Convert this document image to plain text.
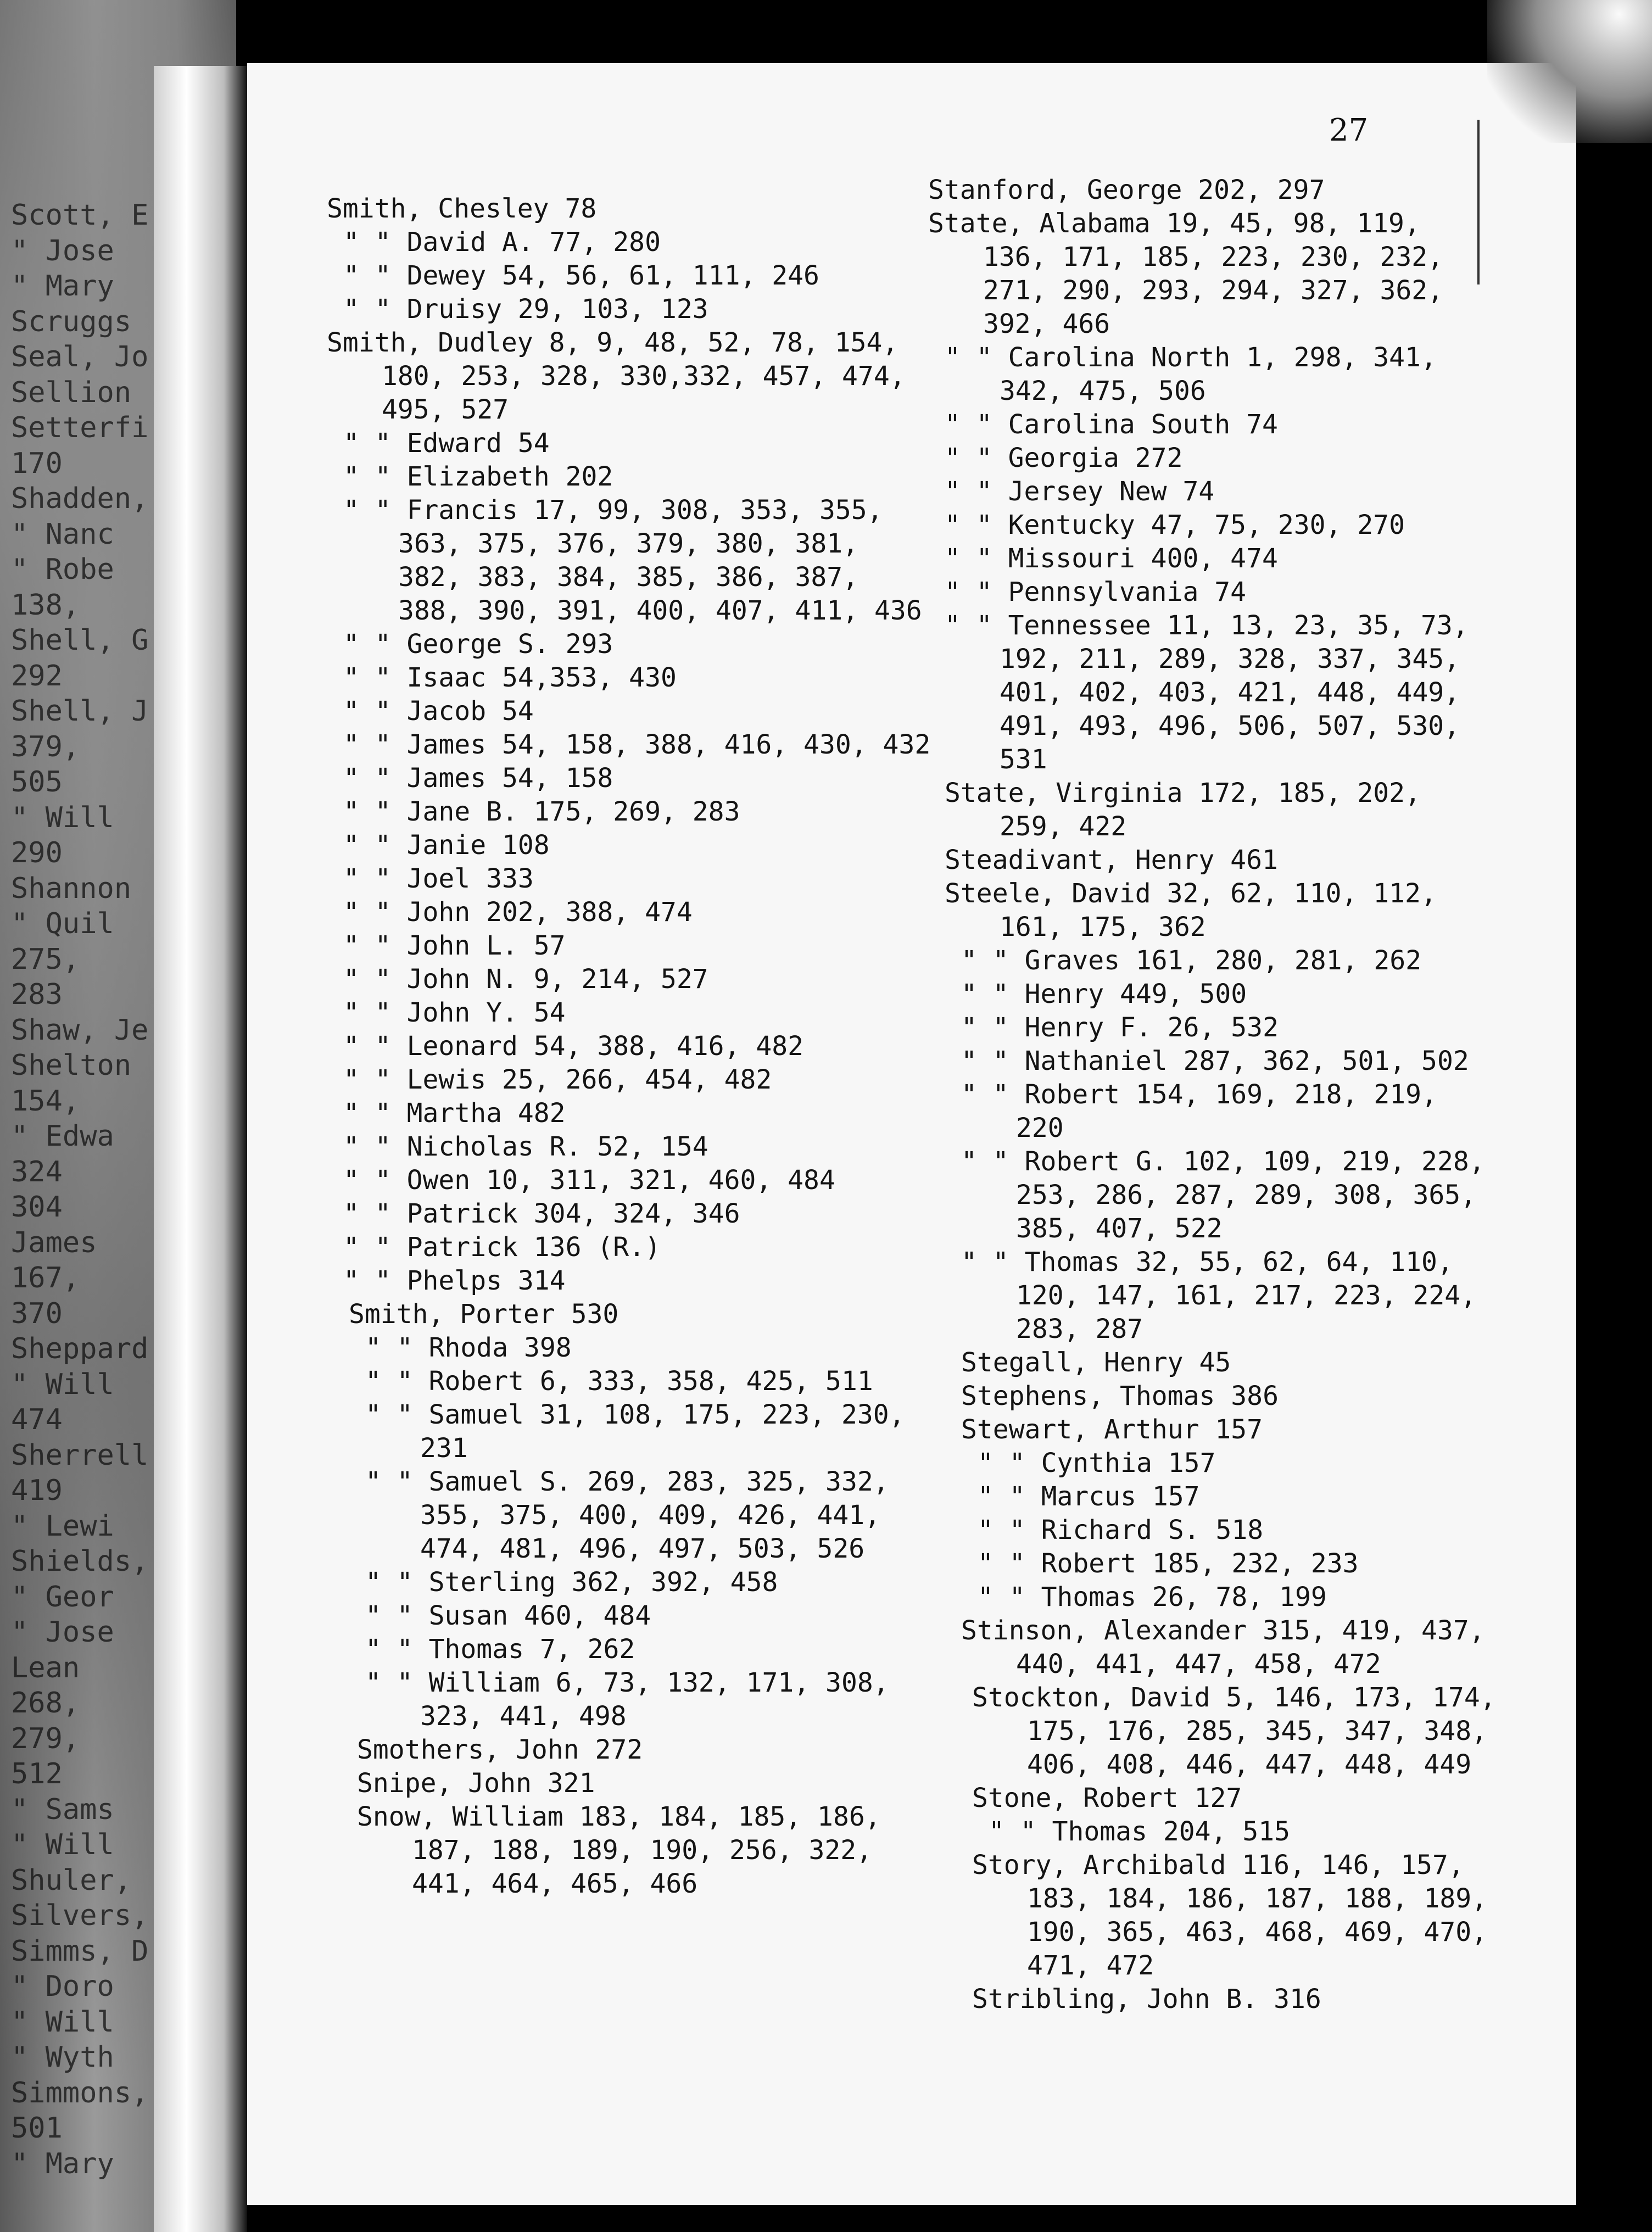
Scott, E
" Jose
" Mary
Scruggs
Seal, Jo
Sellion
Setterfi
170
Shadden,
" Nanc
" Robe
138,
Shell, G
292
Shell, J
379,
505
" Will
290
Shannon
" Quil
275,
283
Shaw, Je
Shelton
154,
" Edwa
324
304
James
167,
370
Sheppard
" Will
474
Sherrell
419
" Lewi
Shields,
" Geor
" Jose
Lean
268,
279,
512
" Sams
" Will
Shuler,
Silvers,
Simms, D
" Doro
" Will
" Wyth
Simmons,
501
" Mary
27
Smith, Chesley 78
" " David A. 77, 280
" " Dewey 54, 56, 61, 111, 246
" " Druisy 29, 103, 123
Smith, Dudley 8, 9, 48, 52, 78, 154, 180, 253, 328, 330,332, 457, 474, 495, 527
" " Edward 54
" " Elizabeth 202
" " Francis 17, 99, 308, 353, 355, 363, 375, 376, 379, 380, 381, 382, 383, 384, 385, 386, 387, 388, 390, 391, 400, 407, 411, 436
" " George S. 293
" " Isaac 54,353, 430
" " Jacob 54
" " James 54, 158, 388, 416, 430, 432
" " James 54, 158
" " Jane B. 175, 269, 283
" " Janie 108
" " Joel 333
" " John 202, 388, 474
" " John L. 57
" " John N. 9, 214, 527
" " John Y. 54
" " Leonard 54, 388, 416, 482
" " Lewis 25, 266, 454, 482
" " Martha 482
" " Nicholas R. 52, 154
" " Owen 10, 311, 321, 460, 484
" " Patrick 304, 324, 346
" " Patrick 136 (R.)
" " Phelps 314
Smith, Porter 530
" " Rhoda 398
" " Robert 6, 333, 358, 425, 511
" " Samuel 31, 108, 175, 223, 230, 231
" " Samuel S. 269, 283, 325, 332, 355, 375, 400, 409, 426, 441, 474, 481, 496, 497, 503, 526
" " Sterling 362, 392, 458
" " Susan 460, 484
" " Thomas 7, 262
" " William 6, 73, 132, 171, 308, 323, 441, 498
Smothers, John 272
Snipe, John 321
Snow, William 183, 184, 185, 186, 187, 188, 189, 190, 256, 322, 441, 464, 465, 466
Stanford, George 202, 297
State, Alabama 19, 45, 98, 119, 136, 171, 185, 223, 230, 232, 271, 290, 293, 294, 327, 362, 392, 466
" " Carolina North 1, 298, 341, 342, 475, 506
" " Carolina South 74
" " Georgia 272
" " Jersey New 74
" " Kentucky 47, 75, 230, 270
" " Missouri 400, 474
" " Pennsylvania 74
" " Tennessee 11, 13, 23, 35, 73, 192, 211, 289, 328, 337, 345, 401, 402, 403, 421, 448, 449, 491, 493, 496, 506, 507, 530, 531
State, Virginia 172, 185, 202, 259, 422
Steadivant, Henry 461
Steele, David 32, 62, 110, 112, 161, 175, 362
" " Graves 161, 280, 281, 262
" " Henry 449, 500
" " Henry F. 26, 532
" " Nathaniel 287, 362, 501, 502
" " Robert 154, 169, 218, 219, 220
" " Robert G. 102, 109, 219, 228, 253, 286, 287, 289, 308, 365, 385, 407, 522
" " Thomas 32, 55, 62, 64, 110, 120, 147, 161, 217, 223, 224, 283, 287
Stegall, Henry 45
Stephens, Thomas 386
Stewart, Arthur 157
" " Cynthia 157
" " Marcus 157
" " Richard S. 518
" " Robert 185, 232, 233
" " Thomas 26, 78, 199
Stinson, Alexander 315, 419, 437, 440, 441, 447, 458, 472
Stockton, David 5, 146, 173, 174, 175, 176, 285, 345, 347, 348, 406, 408, 446, 447, 448, 449
Stone, Robert 127
" " Thomas 204, 515
Story, Archibald 116, 146, 157, 183, 184, 186, 187, 188, 189, 190, 365, 463, 468, 469, 470, 471, 472
Stribling, John B. 316
